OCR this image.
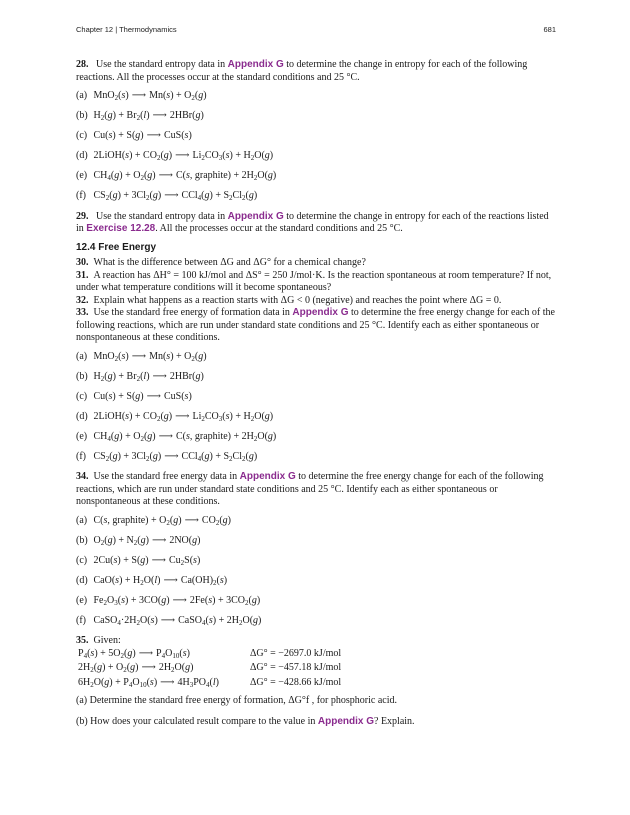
Chapter 12 | Thermodynamics	681

28. Use the standard entropy data in Appendix G to determine the change in entropy for each of the following reactions. All the processes occur at the standard conditions and 25 °C.

(a) MnO$_2$(s) ⟶ $Mn(s) + O_2(g)$
(b) $H_2(g) + Br_2(l)$ ⟶ 2HBr(g)
(c) Cu(s) + S(g) ⟶ CuS(s)
(d) 2LiOH(s) + $CO_2(g)$ ⟶ $Li_2CO_3(s) + H_2O(g)$
(e) $CH_4(g) + O_2(g)$ ⟶ C(s, graphite) + $2H_2O(g)$
(f) $CS_2(g) + 3Cl_2(g)$ ⟶ $CCl_4(g) + S_2Cl_2(g)$

29. Use the standard entropy data in Appendix G to determine the change in entropy for each of the reactions listed in Exercise 12.28. All the processes occur at the standard conditions and 25 °C.

12.4 Free Energy

30. What is the difference between ΔG and ΔG° for a chemical change?

31. A reaction has ΔH° = 100 kJ/mol and ΔS° = 250 J/mol·K. Is the reaction spontaneous at room temperature? If not, under what temperature conditions will it become spontaneous?

32. Explain what happens as a reaction starts with ΔG < 0 (negative) and reaches the point where ΔG = 0.

33. Use the standard free energy of formation data in Appendix G to determine the free energy change for each of the following reactions, which are run under standard state conditions and 25 °C. Identify each as either spontaneous or nonspontaneous at these conditions.

(a) MnO$_2$(s) ⟶ $Mn(s) + O_2(g)$
(b) $H_2(g) + Br_2(l)$ ⟶ 2HBr(g)
(c) Cu(s) + S(g) ⟶ CuS(s)
(d) 2LiOH(s) + $CO_2(g)$ ⟶ $Li_2CO_3(s) + H_2O(g)$
(e) $CH_4(g) + O_2(g)$ ⟶ C(s, graphite) + $2H_2O(g)$
(f) $CS_2(g) + 3Cl_2(g)$ ⟶ $CCl_4(g) + S_2Cl_2(g)$

34. Use the standard free energy data in Appendix G to determine the free energy change for each of the following reactions, which are run under standard state conditions and 25 °C. Identify each as either spontaneous or nonspontaneous at these conditions.

(a) C(s, graphite) + $O_2(g)$ ⟶ $CO_2(g)$
(b) $O_2(g) + N_2(g)$ ⟶ 2NO(g)
(c) 2Cu(s) + S(g) ⟶ $Cu_2S(s)$
(d) $CaO(s) + H_2O(l)$ ⟶ $Ca(OH)_2(s)$
(e) $Fe_2O_3(s) + 3CO(g)$ ⟶ $2Fe(s) + 3CO_2(g)$
(f) $CaSO_4\cdot 2H_2O(s)$ ⟶ CaSO$_4$(s) + $2H_2O(g)$

35. Given:

$P_4(s) + 5O_2(g)$ ⟶ $P_4O_{10}(s)$	ΔG° = −2697.0 kJ/mol
$2H_2(g) + O_2(g)$ ⟶ $2H_2O(g)$	ΔG° = −457.18 kJ/mol
$6H_2O(g) + P_4O_{10}(s)$ ⟶ $4H_3PO_4(l)$	ΔG° = −428.66 kJ/mol

(a) Determine the standard free energy of formation, ΔG°f , for phosphoric acid.

(b) How does your calculated result compare to the value in Appendix G? Explain.
